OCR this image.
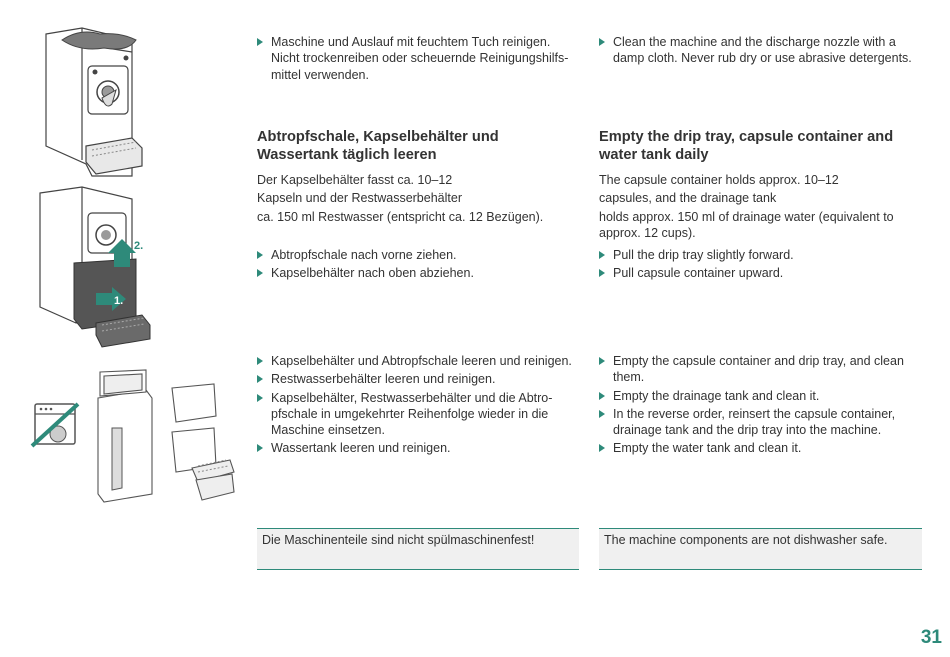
2.
1.
Maschine und Auslauf mit feuchtem Tuch reinigen. Nicht trockenreiben oder scheuernde Reinigungshilfs-mittel verwenden.
Clean the machine and the discharge nozzle with a damp cloth. Never rub dry or use abrasive detergents.
Abtropfschale, Kapselbehälter und Wassertank täglich leeren

Der Kapselbehälter fasst ca. 10–12

Kapseln und der Restwasserbehälter

ca. 150 ml Restwasser (entspricht ca. 12 Bezügen).

Abtropfschale nach vorne ziehen.
Kapselbehälter nach oben abziehen.
Empty the drip tray, capsule container and water tank daily

The capsule container holds approx. 10–12

capsules, and the drainage tank

holds approx. 150 ml of drainage water (equivalent to approx. 12 cups).

Pull the drip tray slightly forward.
Pull capsule container upward.
Kapselbehälter und Abtropfschale leeren und reinigen.
Restwasserbehälter leeren und reinigen.
Kapselbehälter, Restwasserbehälter und die Abtro-pfschale in umgekehrter Reihenfolge wieder in die Maschine einsetzen.
Wassertank leeren und reinigen.
Empty the capsule container and drip tray, and clean them.
Empty the drainage tank and clean it.
In the reverse order, reinsert the capsule container, drainage tank and the drip tray into the machine.
Empty the water tank and clean it.
Die Maschinenteile sind nicht spülmaschinenfest!	The machine components are not dishwasher safe.
31
